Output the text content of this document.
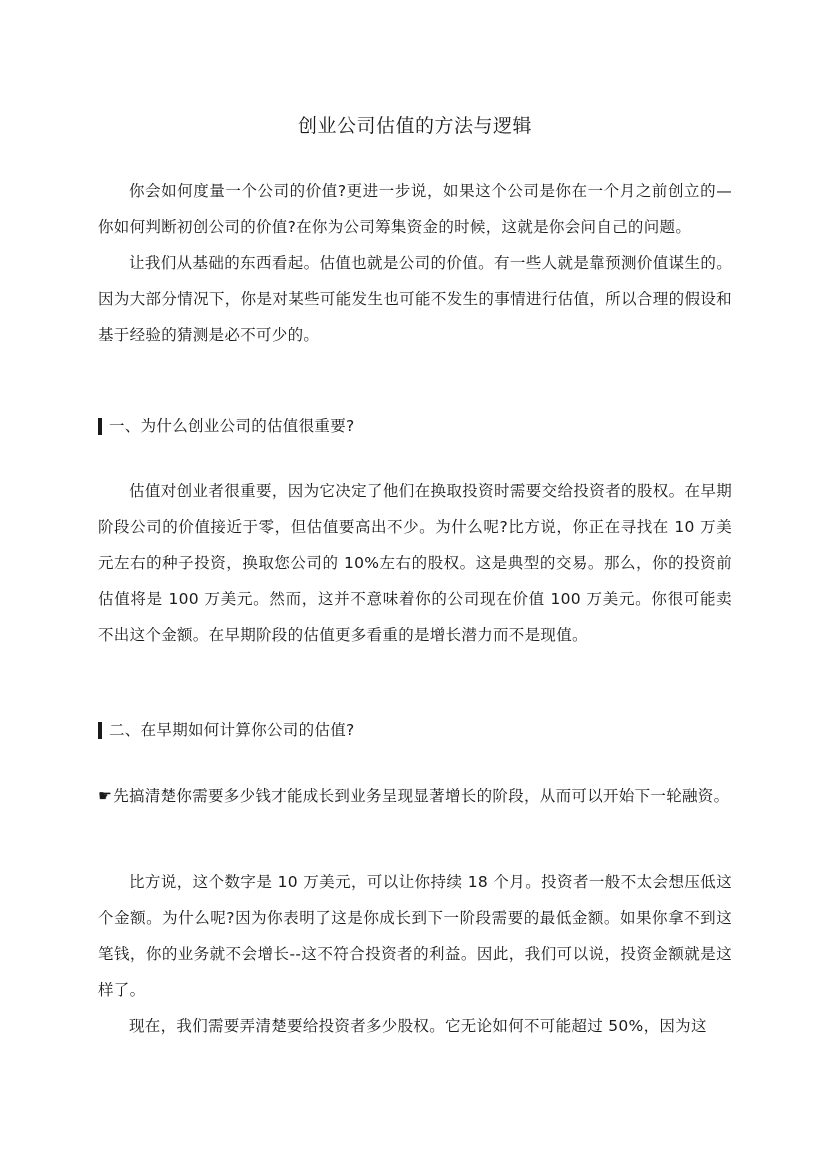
创业公司估值的方法与逻辑

你会如何度量一个公司的价值?更进一步说，如果这个公司是你在一个月之前创立的—你如何判断初创公司的价值?在你为公司筹集资金的时候，这就是你会问自己的问题。

让我们从基础的东西看起。估值也就是公司的价值。有一些人就是靠预测价值谋生的。因为大部分情况下，你是对某些可能发生也可能不发生的事情进行估值，所以合理的假设和基于经验的猜测是必不可少的。

一、为什么创业公司的估值很重要?

估值对创业者很重要，因为它决定了他们在换取投资时需要交给投资者的股权。在早期阶段公司的价值接近于零，但估值要高出不少。为什么呢?比方说，你正在寻找在 10 万美元左右的种子投资，换取您公司的 10%左右的股权。这是典型的交易。那么，你的投资前估值将是 100 万美元。然而，这并不意味着你的公司现在价值 100 万美元。你很可能卖不出这个金额。在早期阶段的估值更多看重的是增长潜力而不是现值。

二、在早期如何计算你公司的估值?

☛先搞清楚你需要多少钱才能成长到业务呈现显著增长的阶段，从而可以开始下一轮融资。

比方说，这个数字是 10 万美元，可以让你持续 18 个月。投资者一般不太会想压低这个金额。为什么呢?因为你表明了这是你成长到下一阶段需要的最低金额。如果你拿不到这笔钱，你的业务就不会增长--这不符合投资者的利益。因此，我们可以说，投资金额就是这样了。

现在，我们需要弄清楚要给投资者多少股权。它无论如何不可能超过 50%，因为这
